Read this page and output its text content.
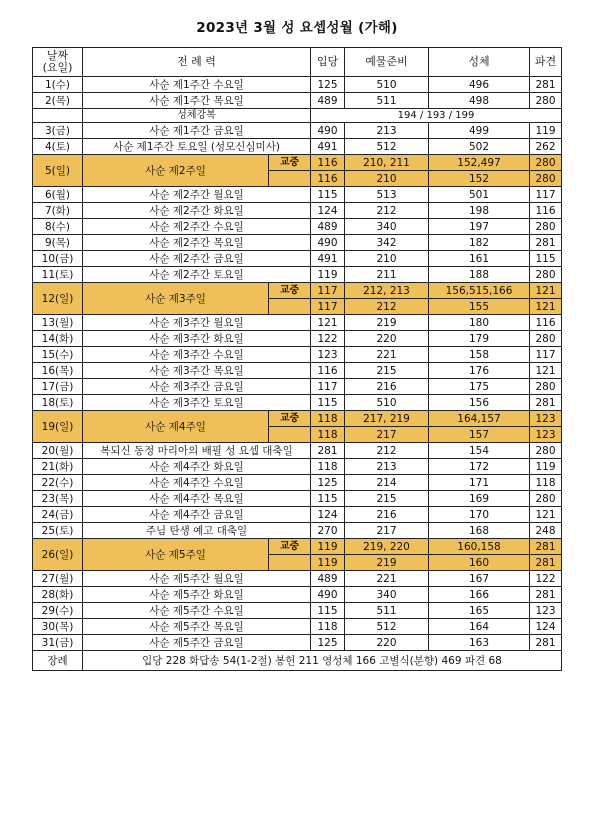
2023년 3월 성 요셉성월 (가해)
날짜
(요일)	전 례 력		입당	예물준비	성체	파견
1(수)	사순 제1주간 수요일		125	510	496	281
2(목)	사순 제1주간 목요일		489	511	498	280
	성체강복		194 / 193 / 199			
3(금)	사순 제1주간 금요일		490	213	499	119
4(토)	사순 제1주간 토요일 (성모신심미사)		491	512	502	262
5(일)	사순 제2주일	교중	116	210, 211	152,497	280
			116	210	152	280
6(월)	사순 제2주간 월요일		115	513	501	117
7(화)	사순 제2주간 화요일		124	212	198	116
8(수)	사순 제2주간 수요일		489	340	197	280
9(목)	사순 제2주간 목요일		490	342	182	281
10(금)	사순 제2주간 금요일		491	210	161	115
11(토)	사순 제2주간 토요일		119	211	188	280
12(일)	사순 제3주일	교중	117	212, 213	156,515,166	121
			117	212	155	121
13(월)	사순 제3주간 월요일		121	219	180	116
14(화)	사순 제3주간 화요일		122	220	179	280
15(수)	사순 제3주간 수요일		123	221	158	117
16(목)	사순 제3주간 목요일		116	215	176	121
17(금)	사순 제3주간 금요일		117	216	175	280
18(토)	사순 제3주간 토요일		115	510	156	281
19(일)	사순 제4주일	교중	118	217, 219	164,157	123
			118	217	157	123
20(월)	복되신 동정 마리아의 배필 성 요셉 대축일		281	212	154	280
21(화)	사순 제4주간 화요일		118	213	172	119
22(수)	사순 제4주간 수요일		125	214	171	118
23(목)	사순 제4주간 목요일		115	215	169	280
24(금)	사순 제4주간 금요일		124	216	170	121
25(토)	주님 탄생 예고 대축일		270	217	168	248
26(일)	사순 제5주일	교중	119	219, 220	160,158	281
			119	219	160	281
27(월)	사순 제5주간 월요일		489	221	167	122
28(화)	사순 제5주간 화요일		490	340	166	281
29(수)	사순 제5주간 수요일		115	511	165	123
30(목)	사순 제5주간 목요일		118	512	164	124
31(금)	사순 제5주간 금요일		125	220	163	281
장례	입당 228 화답송 54(1-2절) 봉헌 211 영성체 166 고별식(분향) 469 파견 68					
